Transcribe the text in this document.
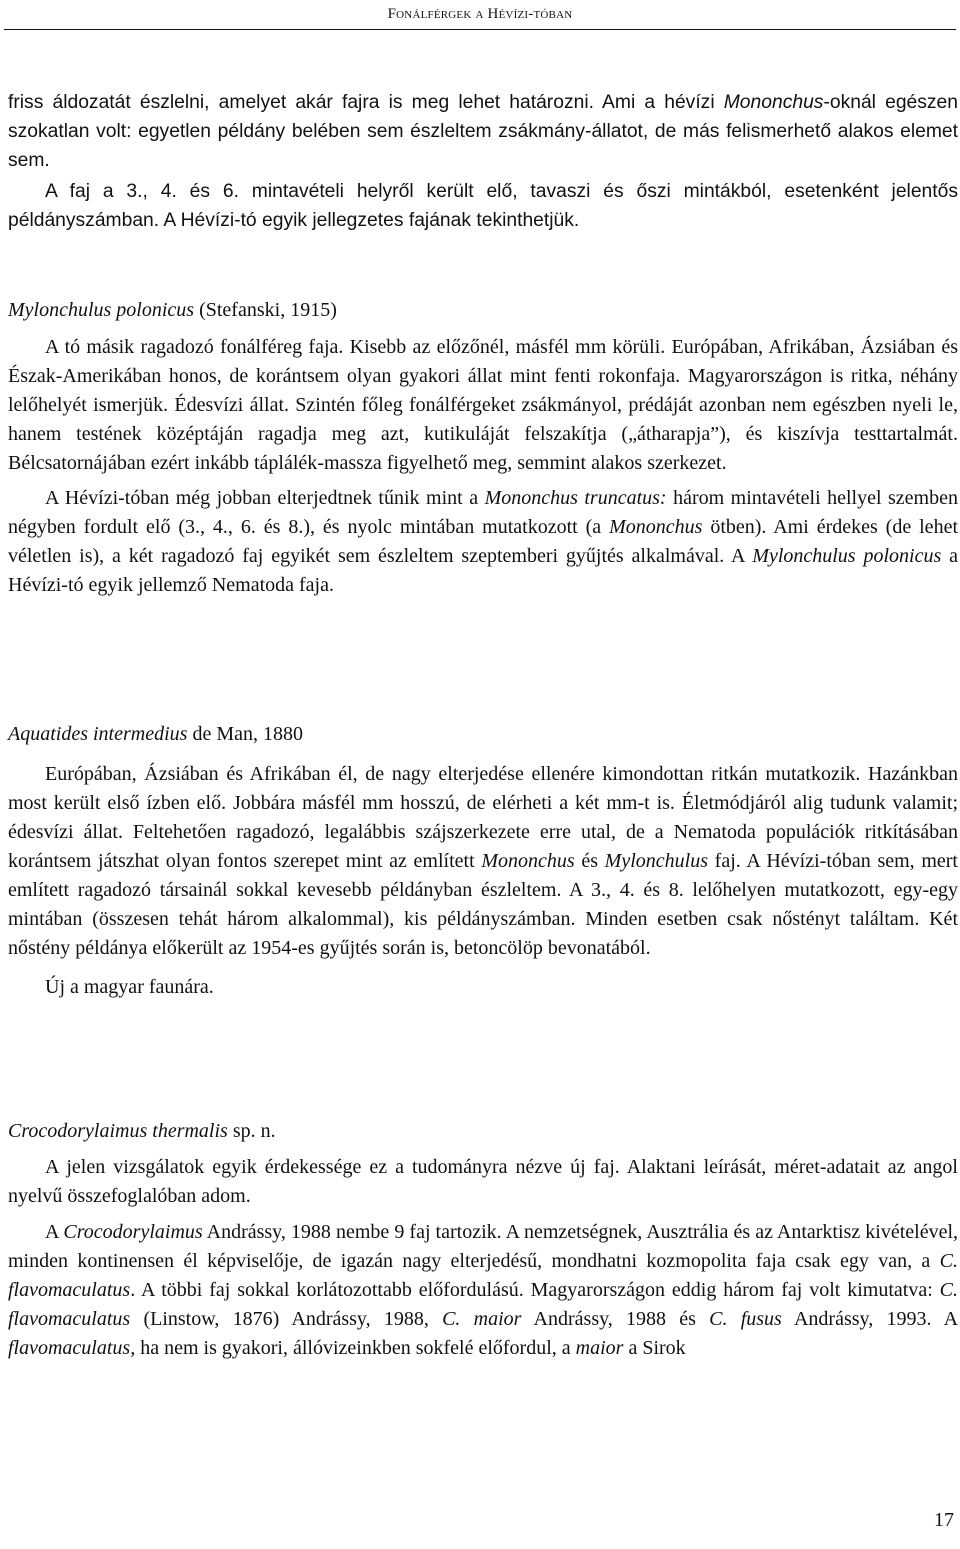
Fonálférgek a Hévízi-tóban

friss áldozatát észlelni, amelyet akár fajra is meg lehet határozni. Ami a hévízi Mononchus-oknál egészen szokatlan volt: egyetlen példány belében sem észleltem zsákmány-állatot, de más felismerhető alakos elemet sem.

A faj a 3., 4. és 6. mintavételi helyről került elő, tavaszi és őszi mintákból, esetenként jelentős példányszámban. A Hévízi-tó egyik jellegzetes fajának tekinthetjük.

Mylonchulus polonicus (Stefanski, 1915)

A tó másik ragadozó fonálféreg faja. Kisebb az előzőnél, másfél mm körüli. Európában, Afrikában, Ázsiában és Észak-Amerikában honos, de korántsem olyan gyakori állat mint fenti rokonfaja. Magyarországon is ritka, néhány lelőhelyét ismerjük. Édesvízi állat. Szintén főleg fonálférgeket zsákmányol, prédáját azonban nem egészben nyeli le, hanem testének középtáján ragadja meg azt, kutikuláját felszakítja („átharapja”), és kiszívja testtartalmát. Bélcsatornájában ezért inkább táplálék-massza figyelhető meg, semmint alakos szerkezet.

A Hévízi-tóban még jobban elterjedtnek tűnik mint a Mononchus truncatus: három mintavételi hellyel szemben négyben fordult elő (3., 4., 6. és 8.), és nyolc mintában mutatkozott (a Mononchus ötben). Ami érdekes (de lehet véletlen is), a két ragadozó faj egyikét sem észleltem szeptemberi gyűjtés alkalmával. A Mylonchulus polonicus a Hévízi-tó egyik jellemző Nematoda faja.

Aquatides intermedius de Man, 1880

Európában, Ázsiában és Afrikában él, de nagy elterjedése ellenére kimondottan ritkán mutatkozik. Hazánkban most került első ízben elő. Jobbára másfél mm hosszú, de elérheti a két mm-t is. Életmódjáról alig tudunk valamit; édesvízi állat. Feltehetően ragadozó, legalábbis szájszerkezete erre utal, de a Nematoda populációk ritkításában korántsem játszhat olyan fontos szerepet mint az említett Mononchus és Mylonchulus faj. A Hévízi-tóban sem, mert említett ragadozó társainál sokkal kevesebb példányban észleltem. A 3., 4. és 8. lelőhelyen mutatkozott, egy-egy mintában (összesen tehát három alkalommal), kis példányszámban. Minden esetben csak nőstényt találtam. Két nőstény példánya előkerült az 1954-es gyűjtés során is, betoncölöp bevonatából.

Új a magyar faunára.

Crocodorylaimus thermalis sp. n.

A jelen vizsgálatok egyik érdekessége ez a tudományra nézve új faj. Alaktani leírását, méret-adatait az angol nyelvű összefoglalóban adom.

A Crocodorylaimus Andrássy, 1988 nembe 9 faj tartozik. A nemzetségnek, Ausztrália és az Antarktisz kivételével, minden kontinensen él képviselője, de igazán nagy elterjedésű, mondhatni kozmopolita faja csak egy van, a C. flavomaculatus. A többi faj sokkal korlátozottabb előfordulású. Magyarországon eddig három faj volt kimutatva: C. flavomaculatus (Linstow, 1876) Andrássy, 1988, C. maior Andrássy, 1988 és C. fusus Andrássy, 1993. A flavomaculatus, ha nem is gyakori, állóvizeinkben sokfelé előfordul, a maior a Sirok

17
